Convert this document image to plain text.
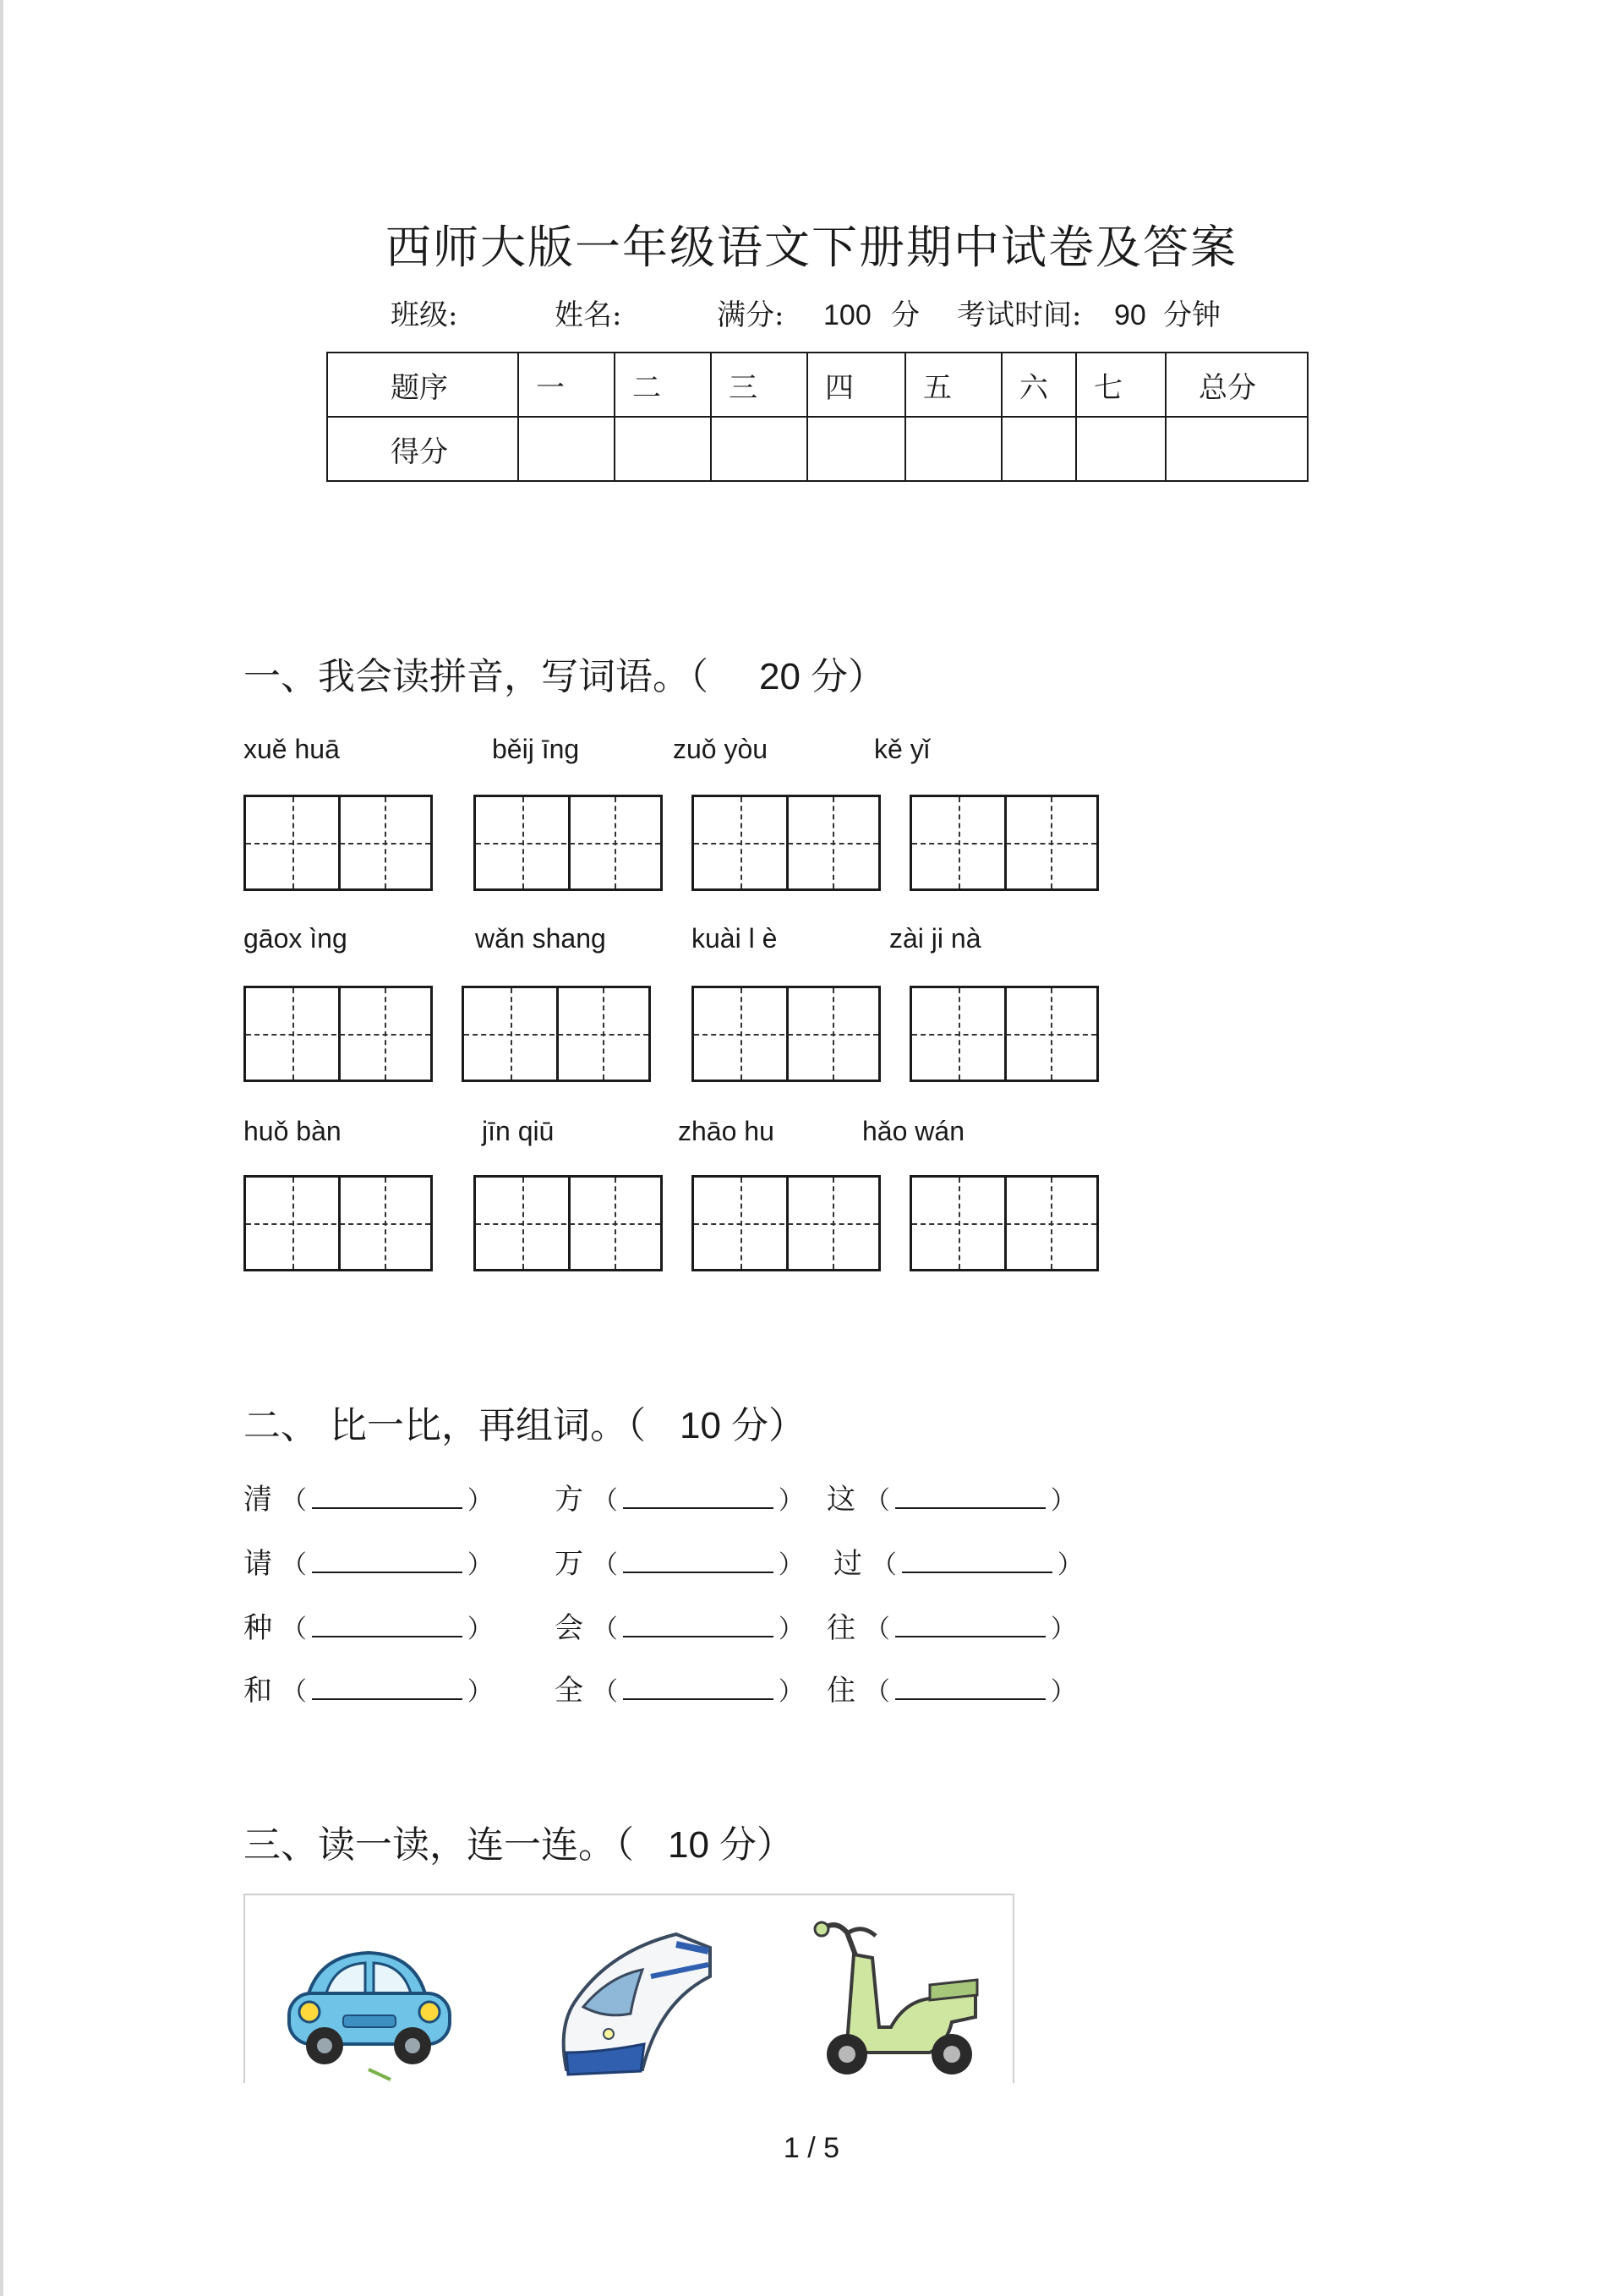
西师大版一年级语文下册期中试卷及答案
班级:	姓名:	满分: 100 分 考试时间: 90 分钟
题序	一	二	三	四	五	六	七	总分
得分								
一、我会读拼音，写词语。（ 20 分）
xuě huā	běij īng	zuǒ yòu	kě yǐ
gāox ìng	wǎn shang	kuài l è	zài ji nà
huǒ bàn	jīn qiū	zhāo hu	hǎo wán
二、 比一比，再组词。（ 10 分）
清 （	） 方 （	） 这 （	）
请 （	） 万 （	） 过 （	）
种 （	） 会 （	） 往 （	）
和 （	） 全 （	） 住 （	）
三、读一读，连一连。（ 10 分）
1 / 5
